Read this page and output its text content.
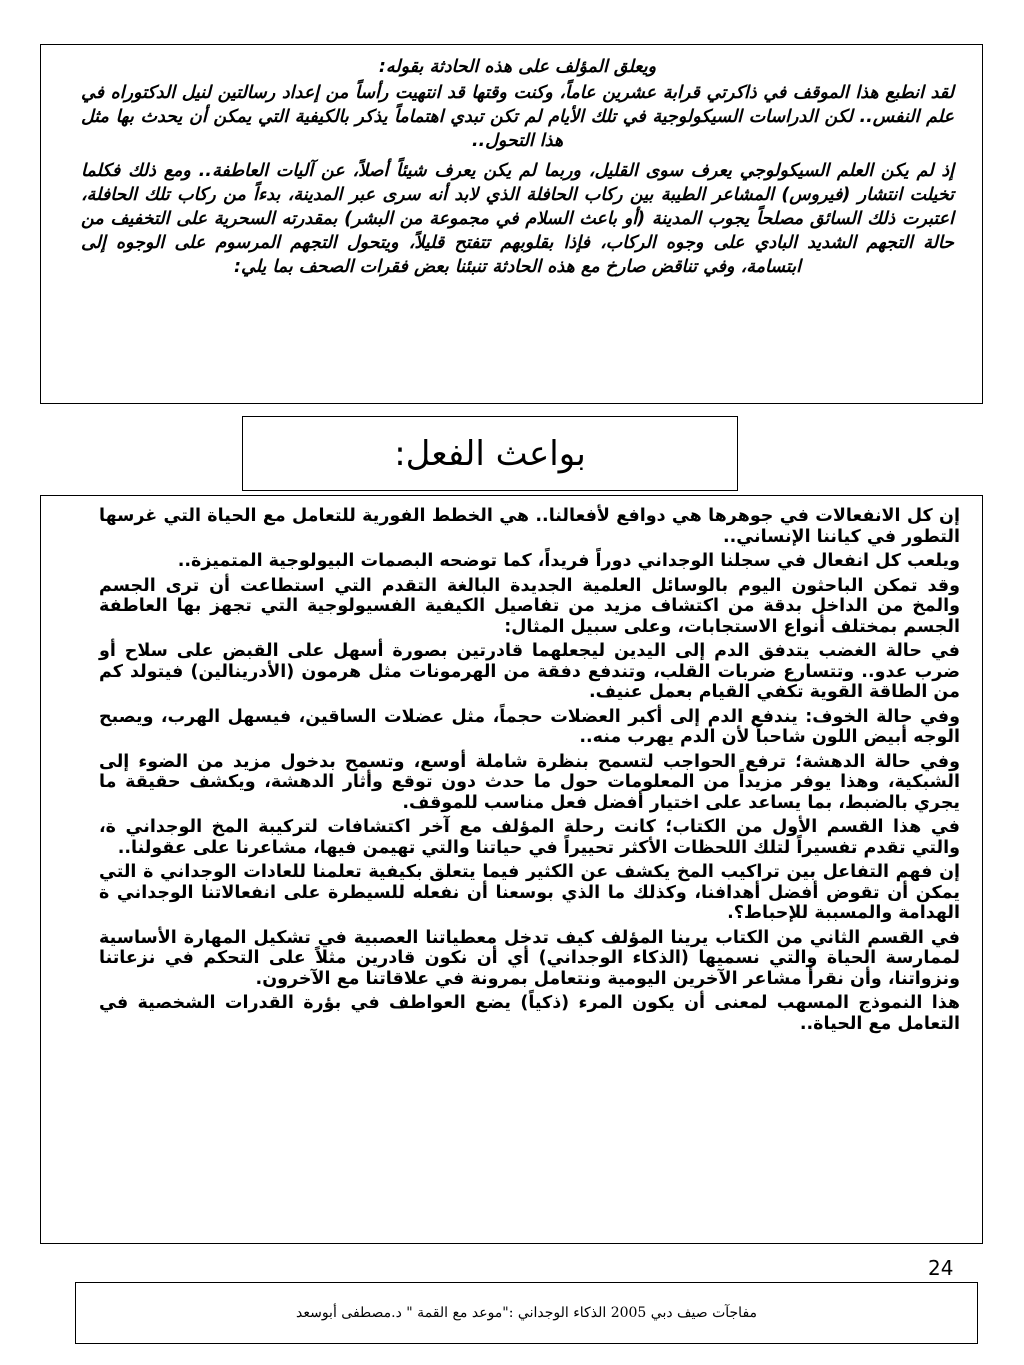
ويعلق المؤلف على هذه الحادثة بقوله:

لقد انطبع هذا الموقف في ذاكرتي قرابة عشرين عاماً، وكنت وقتها قد انتهيت رأساً من إعداد رسالتين لنيل الدكتوراه في علم النفس.. لكن الدراسات السيكولوجية في تلك الأيام لم تكن تبدي اهتماماً يذكر بالكيفية التي يمكن أن يحدث بها مثل هذا التحول..

إذ لم يكن العلم السيكولوجي يعرف سوى القليل، وربما لم يكن يعرف شيئاً أصلاً، عن آليات العاطفة.. ومع ذلك فكلما تخيلت انتشار (فيروس) المشاعر الطيبة بين ركاب الحافلة الذي لابد أنه سرى عبر المدينة، بدءاً من ركاب تلك الحافلة، اعتبرت ذلك السائق مصلحاً يجوب المدينة (أو باعث السلام في مجموعة من البشر) بمقدرته السحرية على التخفيف من حالة التجهم الشديد البادي على وجوه الركاب، فإذا بقلوبهم تتفتح قليلاً، ويتحول التجهم المرسوم على الوجوه إلى ابتسامة، وفي تناقض صارخ مع هذه الحادثة تنبئنا بعض فقرات الصحف بما يلي:

بواعث الفعل:

إن كل الانفعالات في جوهرها هي دوافع لأفعالنا.. هي الخطط الفورية للتعامل مع الحياة التي غرسها التطور في كياننا الإنساني..

ويلعب كل انفعال في سجلنا الوجداني دوراً فريداً، كما توضحه البصمات البيولوجية المتميزة..

وقد تمكن الباحثون اليوم بالوسائل العلمية الجديدة البالغة التقدم التي استطاعت أن ترى الجسم والمخ من الداخل بدقة من اكتشاف مزيد من تفاصيل الكيفية الفسيولوجية التي تجهز بها العاطفة الجسم بمختلف أنواع الاستجابات، وعلى سبيل المثال:

في حالة الغضب يتدفق الدم إلى اليدين ليجعلهما قادرتين بصورة أسهل على القبض على سلاح أو ضرب عدو.. وتتسارع ضربات القلب، وتندفع دفقة من الهرمونات مثل هرمون (الأدرينالين) فيتولد كم من الطاقة القوية تكفي القيام بعمل عنيف.

وفي حالة الخوف: يندفع الدم إلى أكبر العضلات حجماً، مثل عضلات الساقين، فيسهل الهرب، ويصبح الوجه أبيض اللون شاحباً لأن الدم يهرب منه..

وفي حالة الدهشة؛ ترفع الحواجب لتسمح بنظرة شاملة أوسع، وتسمح بدخول مزيد من الضوء إلى الشبكية، وهذا يوفر مزيداً من المعلومات حول ما حدث دون توقع وأثار الدهشة، ويكشف حقيقة ما يجري بالضبط، بما يساعد على اختيار أفضل فعل مناسب للموقف.

في هذا القسم الأول من الكتاب؛ كانت رحلة المؤلف مع آخر اكتشافات لتركيبة المخ الوجداني ة، والتي تقدم تفسيراً لتلك اللحظات الأكثر تحييراً في حياتنا والتي تهيمن فيها، مشاعرنا على عقولنا..

إن فهم التفاعل بين تراكيب المخ يكشف عن الكثير فيما يتعلق بكيفية تعلمنا للعادات الوجداني ة التي يمكن أن تقوض أفضل أهدافنا، وكذلك ما الذي بوسعنا أن نفعله للسيطرة على انفعالاتنا الوجداني ة الهدامة والمسببة للإحباط؟.

في القسم الثاني من الكتاب يرينا المؤلف كيف تدخل معطياتنا العصبية في تشكيل المهارة الأساسية لممارسة الحياة والتي نسميها (الذكاء الوجداني) أي أن نكون قادرين مثلاً على التحكم في نزعاتنا ونزواتنا، وأن نقرأ مشاعر الآخرين اليومية ونتعامل بمرونة في علاقاتنا مع الآخرون.

هذا النموذج المسهب لمعنى أن يكون المرء (ذكياً) يضع العواطف في بؤرة القدرات الشخصية في التعامل مع الحياة..

24
مفاجآت صيف دبي 2005 الذكاء الوجداني :"موعد مع القمة " د.مصطفى أبوسعد
